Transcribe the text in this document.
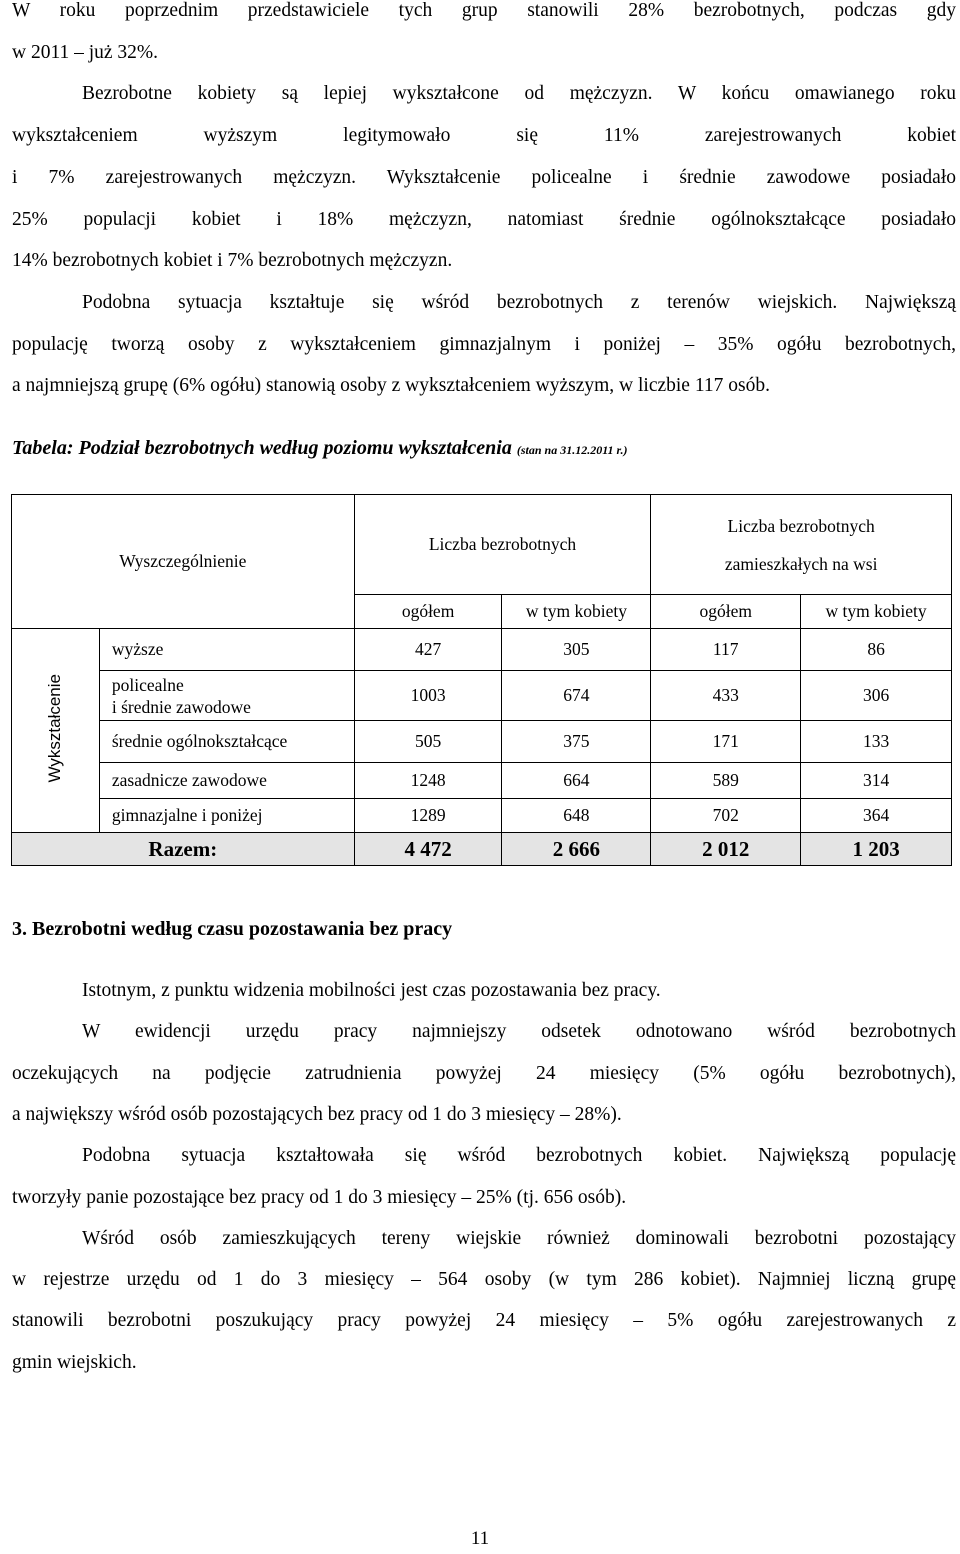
W roku poprzednim przedstawiciele tych grup stanowili 28% bezrobotnych, podczas gdy

w 2011 – już 32%.

Bezrobotne kobiety są lepiej wykształcone od mężczyzn. W końcu omawianego roku

wykształceniem wyższym legitymowało się 11% zarejestrowanych kobiet

i 7% zarejestrowanych mężczyzn. Wykształcenie policealne i średnie zawodowe posiadało

25% populacji kobiet i 18% mężczyzn, natomiast średnie ogólnokształcące posiadało

14% bezrobotnych kobiet i 7% bezrobotnych mężczyzn.

Podobna sytuacja kształtuje się wśród bezrobotnych z terenów wiejskich. Największą

populację tworzą osoby z wykształceniem gimnazjalnym i poniżej – 35% ogółu bezrobotnych,

a najmniejszą grupę (6% ogółu) stanowią osoby z wykształceniem wyższym, w liczbie 117 osób.

Tabela: Podział bezrobotnych według poziomu wykształcenia (stan na 31.12.2011 r.)

Wyszczególnienie		Liczba bezrobotnych		Liczba bezrobotnych
zamieszkałych na wsi	
		ogółem	w tym kobiety	ogółem	w tym kobiety
Wykształcenie	wyższe	427	305	117	86
	policealne
i średnie zawodowe	1003	674	433	306
	średnie ogólnokształcące	505	375	171	133
	zasadnicze zawodowe	1248	664	589	314
	gimnazjalne i poniżej	1289	648	702	364
Razem:		4 472	2 666	2 012	1 203

3. Bezrobotni według czasu pozostawania bez pracy

Istotnym, z punktu widzenia mobilności jest czas pozostawania bez pracy.

W ewidencji urzędu pracy najmniejszy odsetek odnotowano wśród bezrobotnych

oczekujących na podjęcie zatrudnienia powyżej 24 miesięcy (5% ogółu bezrobotnych),

a największy wśród osób pozostających bez pracy od 1 do 3 miesięcy – 28%).

Podobna sytuacja kształtowała się wśród bezrobotnych kobiet. Największą populację

tworzyły panie pozostające bez pracy od 1 do 3 miesięcy – 25% (tj. 656 osób).

Wśród osób zamieszkujących tereny wiejskie również dominowali bezrobotni pozostający

w rejestrze urzędu od 1 do 3 miesięcy – 564 osoby (w tym 286 kobiet). Najmniej liczną grupę

stanowili bezrobotni poszukujący pracy powyżej 24 miesięcy – 5% ogółu zarejestrowanych z

gmin wiejskich.

11
